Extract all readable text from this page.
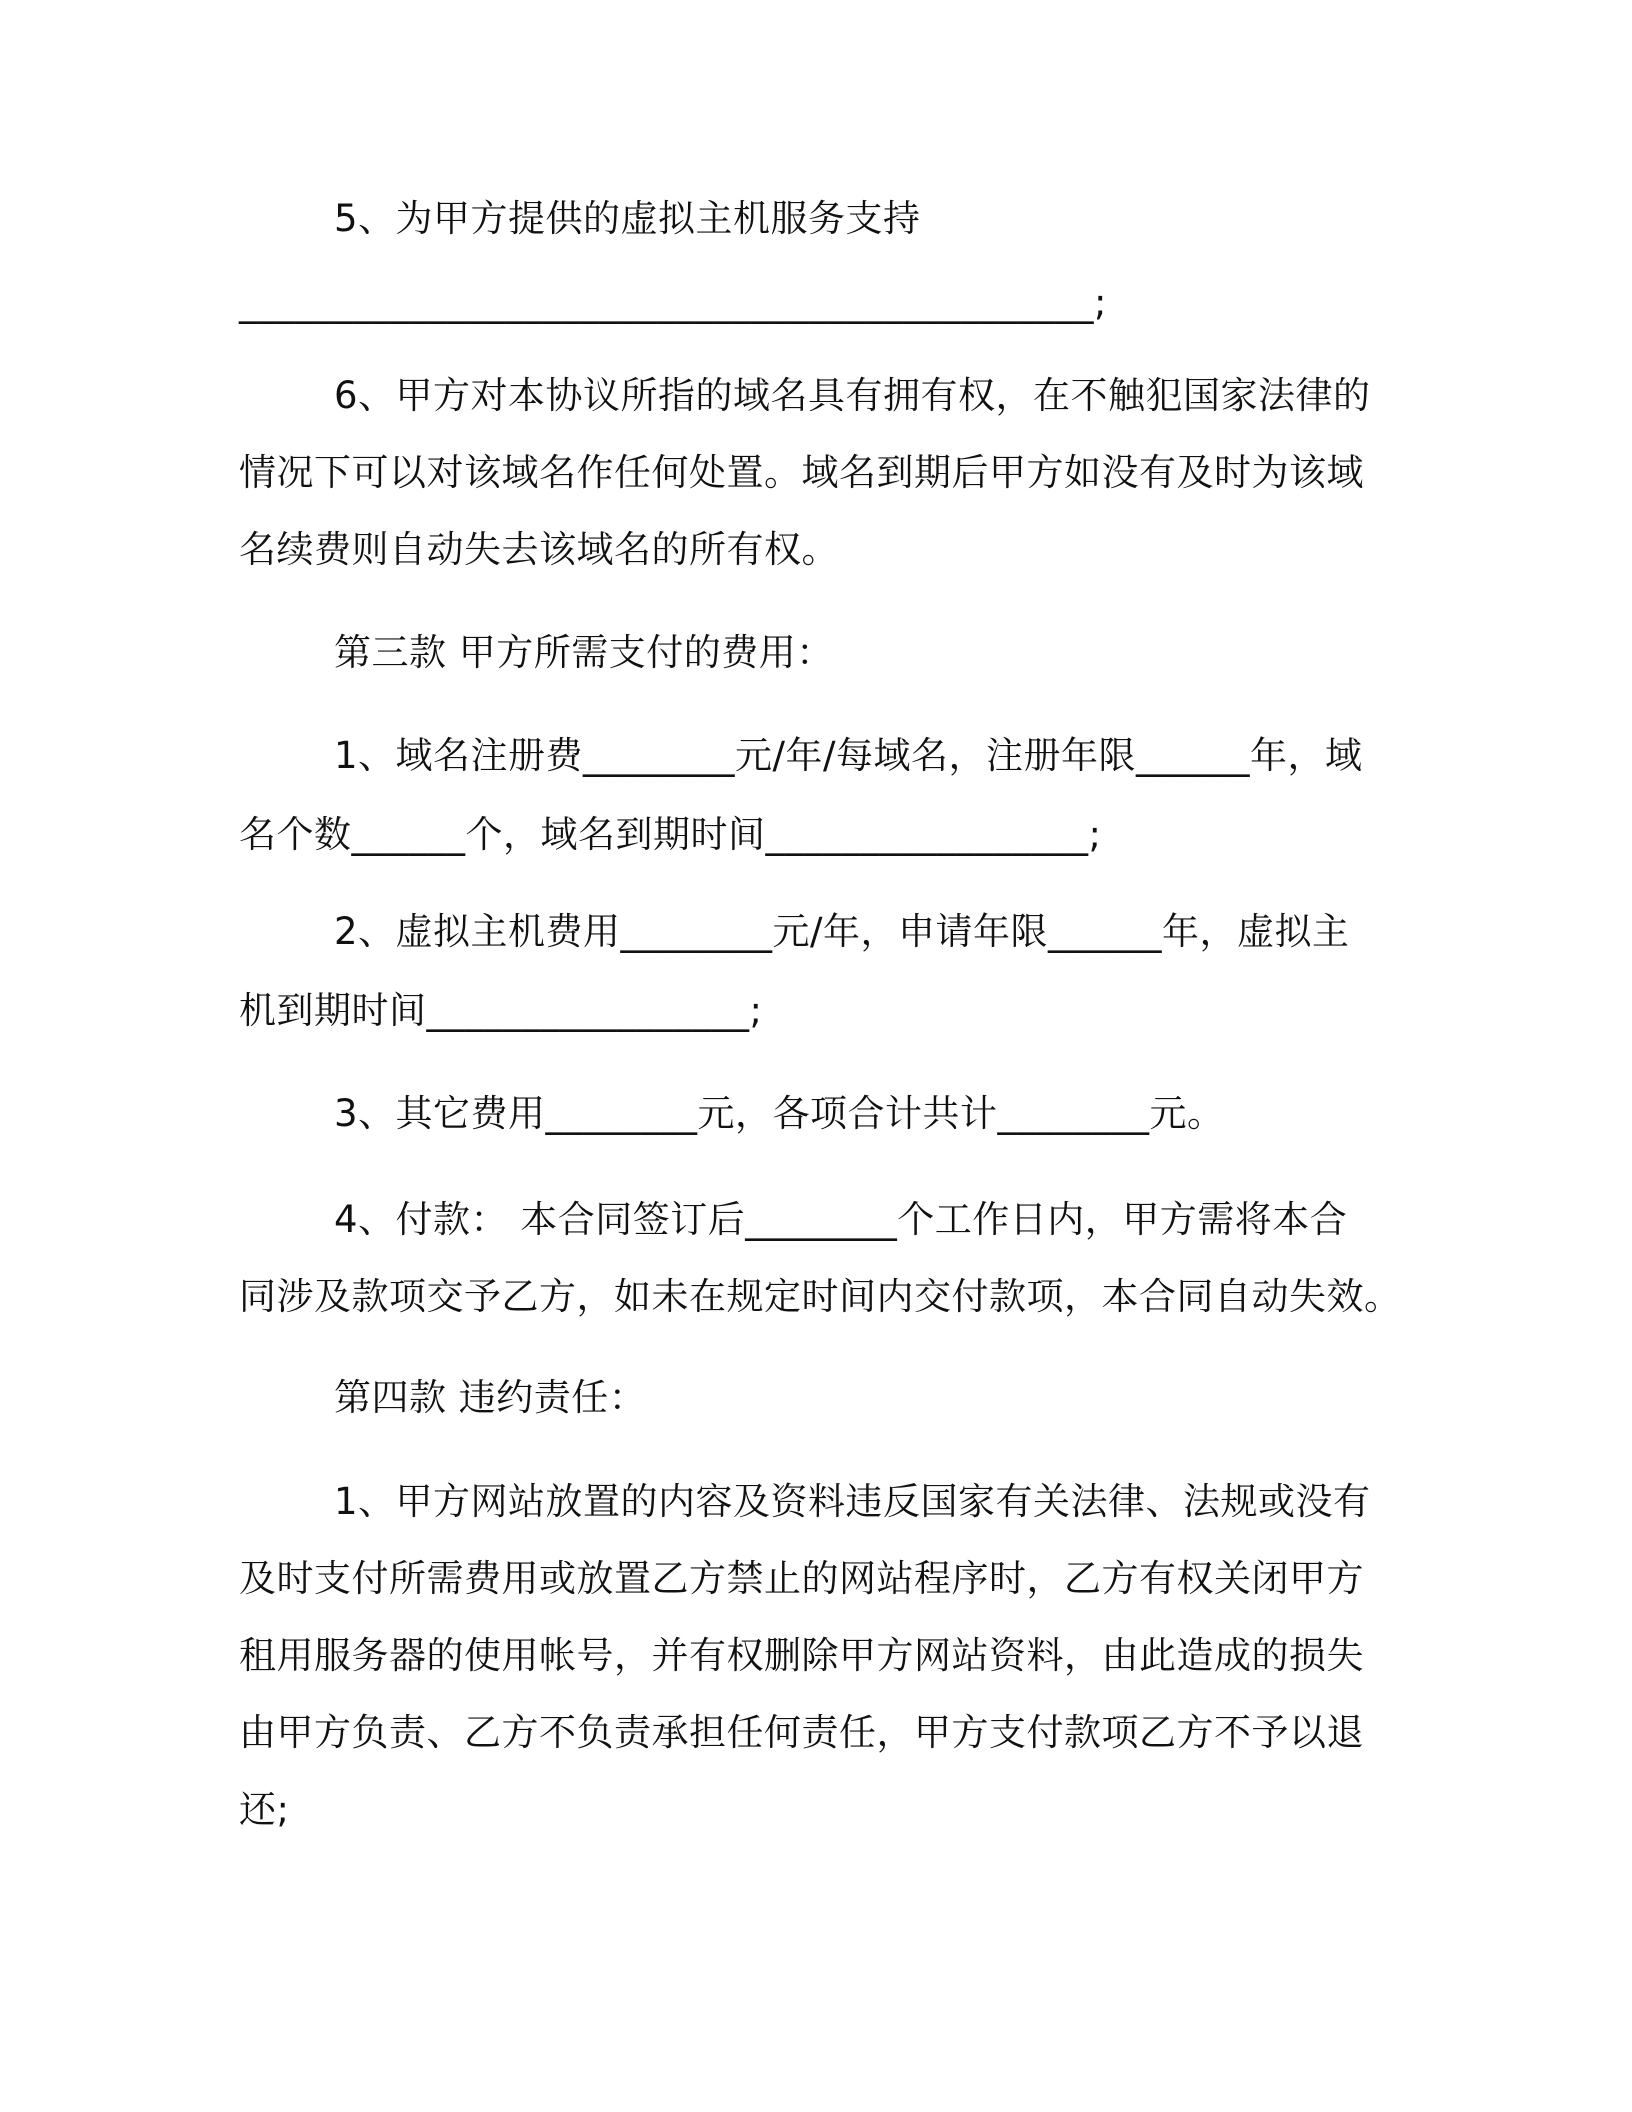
5、为甲方提供的虚拟主机服务支持
_____________________________________________;
6、甲方对本协议所指的域名具有拥有权，在不触犯国家法律的
情况下可以对该域名作任何处置。域名到期后甲方如没有及时为该域
名续费则自动失去该域名的所有权。
第三款 甲方所需支付的费用：
1、域名注册费________元/年/每域名，注册年限______年，域
名个数______个，域名到期时间_________________;
2、虚拟主机费用________元/年，申请年限______年，虚拟主
机到期时间_________________;
3、其它费用________元，各项合计共计________元。
4、付款： 本合同签订后________个工作日内，甲方需将本合
同涉及款项交予乙方，如未在规定时间内交付款项，本合同自动失效。
第四款 违约责任：
1、甲方网站放置的内容及资料违反国家有关法律、法规或没有
及时支付所需费用或放置乙方禁止的网站程序时，乙方有权关闭甲方
租用服务器的使用帐号，并有权删除甲方网站资料，由此造成的损失
由甲方负责、乙方不负责承担任何责任，甲方支付款项乙方不予以退
还;
